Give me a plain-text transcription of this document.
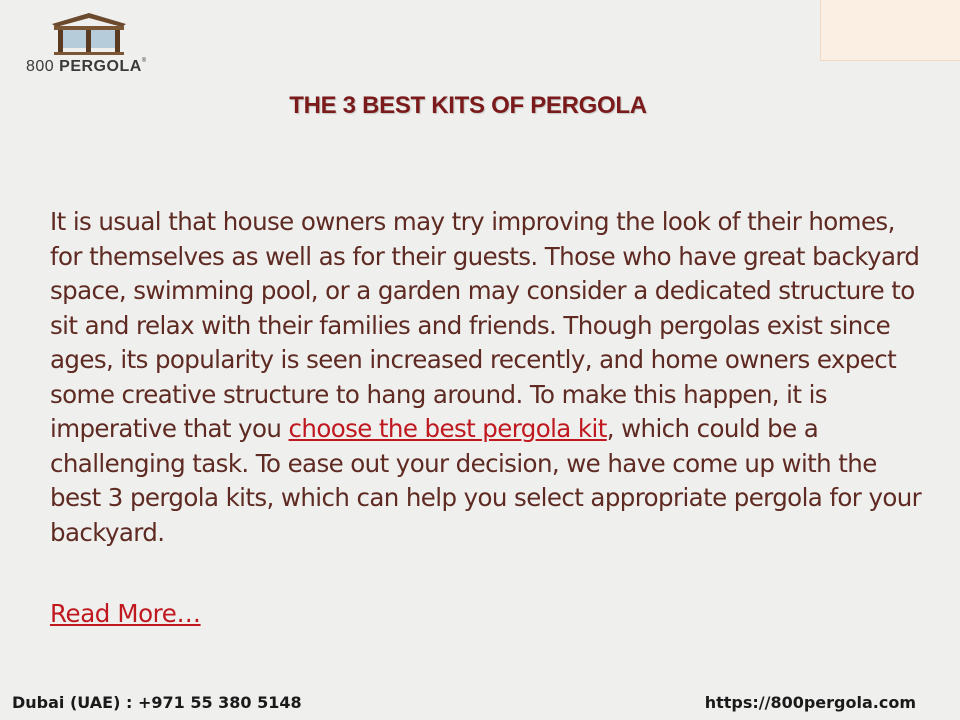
800 PERGOLA®
THE 3 BEST KITS OF PERGOLA
It is usual that house owners may try improving the look of their homes, for themselves as well as for their guests. Those who have great backyard space, swimming pool, or a garden may consider a dedicated structure to sit and relax with their families and friends. Though pergolas exist since ages, its popularity is seen increased recently, and home owners expect some creative structure to hang around. To make this happen, it is imperative that you choose the best pergola kit, which could be a challenging task. To ease out your decision, we have come up with the best 3 pergola kits, which can help you select appropriate pergola for your backyard.
Read More…
Dubai (UAE) : +971 55 380 5148	https://800pergola.com
